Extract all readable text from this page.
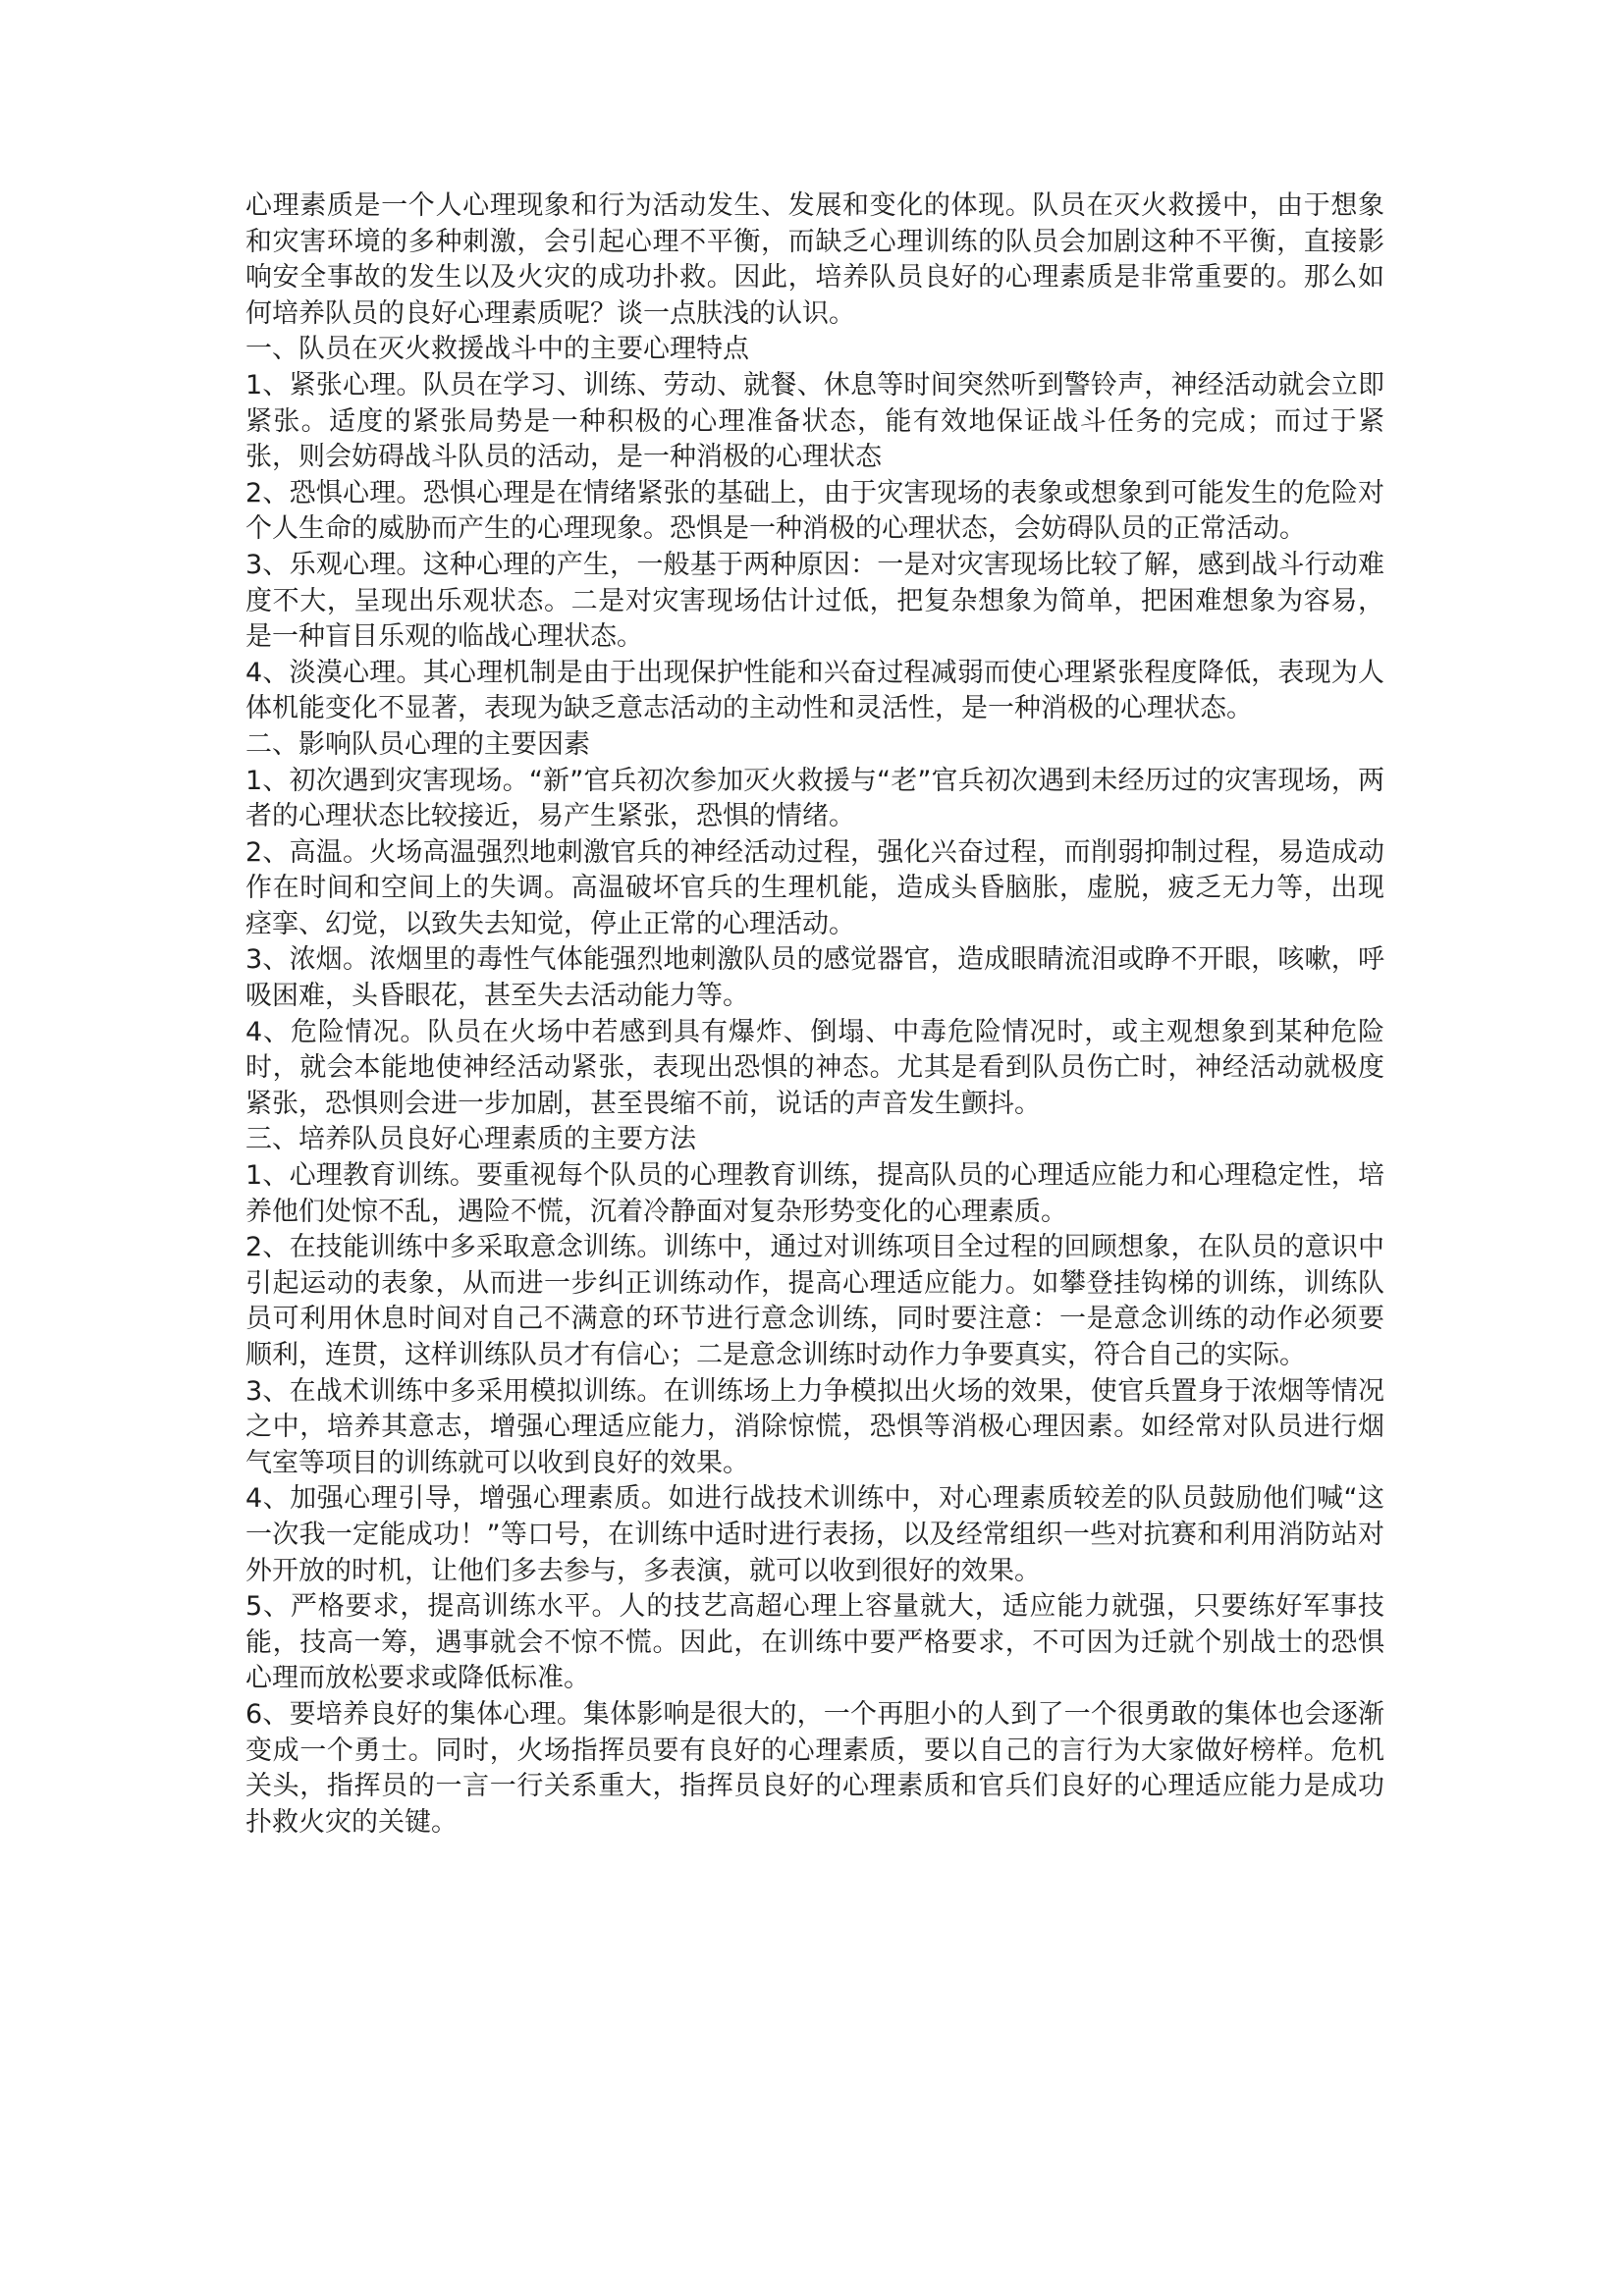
心理素质是一个人心理现象和行为活动发生、发展和变化的体现。队员在灭火救援中，由于想象和灾害环境的多种刺激，会引起心理不平衡，而缺乏心理训练的队员会加剧这种不平衡，直接影响安全事故的发生以及火灾的成功扑救。因此，培养队员良好的心理素质是非常重要的。那么如何培养队员的良好心理素质呢？谈一点肤浅的认识。

一、队员在灭火救援战斗中的主要心理特点

1、紧张心理。队员在学习、训练、劳动、就餐、休息等时间突然听到警铃声，神经活动就会立即紧张。适度的紧张局势是一种积极的心理准备状态，能有效地保证战斗任务的完成；而过于紧张，则会妨碍战斗队员的活动，是一种消极的心理状态

2、恐惧心理。恐惧心理是在情绪紧张的基础上，由于灾害现场的表象或想象到可能发生的危险对个人生命的威胁而产生的心理现象。恐惧是一种消极的心理状态，会妨碍队员的正常活动。

3、乐观心理。这种心理的产生，一般基于两种原因：一是对灾害现场比较了解，感到战斗行动难度不大，呈现出乐观状态。二是对灾害现场估计过低，把复杂想象为简单，把困难想象为容易，是一种盲目乐观的临战心理状态。

4、淡漠心理。其心理机制是由于出现保护性能和兴奋过程减弱而使心理紧张程度降低，表现为人体机能变化不显著，表现为缺乏意志活动的主动性和灵活性，是一种消极的心理状态。

二、影响队员心理的主要因素

1、初次遇到灾害现场。“新”官兵初次参加灭火救援与“老”官兵初次遇到未经历过的灾害现场，两者的心理状态比较接近，易产生紧张，恐惧的情绪。

2、高温。火场高温强烈地刺激官兵的神经活动过程，强化兴奋过程，而削弱抑制过程，易造成动作在时间和空间上的失调。高温破坏官兵的生理机能，造成头昏脑胀，虚脱，疲乏无力等，出现痉挛、幻觉，以致失去知觉，停止正常的心理活动。

3、浓烟。浓烟里的毒性气体能强烈地刺激队员的感觉器官，造成眼睛流泪或睁不开眼，咳嗽，呼吸困难，头昏眼花，甚至失去活动能力等。

4、危险情况。队员在火场中若感到具有爆炸、倒塌、中毒危险情况时，或主观想象到某种危险时，就会本能地使神经活动紧张，表现出恐惧的神态。尤其是看到队员伤亡时，神经活动就极度紧张，恐惧则会进一步加剧，甚至畏缩不前，说话的声音发生颤抖。

三、培养队员良好心理素质的主要方法

1、心理教育训练。要重视每个队员的心理教育训练，提高队员的心理适应能力和心理稳定性，培养他们处惊不乱，遇险不慌，沉着冷静面对复杂形势变化的心理素质。

2、在技能训练中多采取意念训练。训练中，通过对训练项目全过程的回顾想象，在队员的意识中引起运动的表象，从而进一步纠正训练动作，提高心理适应能力。如攀登挂钩梯的训练，训练队员可利用休息时间对自己不满意的环节进行意念训练，同时要注意：一是意念训练的动作必须要顺利，连贯，这样训练队员才有信心；二是意念训练时动作力争要真实，符合自己的实际。

3、在战术训练中多采用模拟训练。在训练场上力争模拟出火场的效果，使官兵置身于浓烟等情况之中，培养其意志，增强心理适应能力，消除惊慌，恐惧等消极心理因素。如经常对队员进行烟气室等项目的训练就可以收到良好的效果。

4、加强心理引导，增强心理素质。如进行战技术训练中，对心理素质较差的队员鼓励他们喊“这一次我一定能成功！”等口号，在训练中适时进行表扬，以及经常组织一些对抗赛和利用消防站对外开放的时机，让他们多去参与，多表演，就可以收到很好的效果。

5、严格要求，提高训练水平。人的技艺高超心理上容量就大，适应能力就强，只要练好军事技能，技高一筹，遇事就会不惊不慌。因此，在训练中要严格要求，不可因为迁就个别战士的恐惧心理而放松要求或降低标准。

6、要培养良好的集体心理。集体影响是很大的，一个再胆小的人到了一个很勇敢的集体也会逐渐变成一个勇士。同时，火场指挥员要有良好的心理素质，要以自己的言行为大家做好榜样。危机关头，指挥员的一言一行关系重大，指挥员良好的心理素质和官兵们良好的心理适应能力是成功扑救火灾的关键。
